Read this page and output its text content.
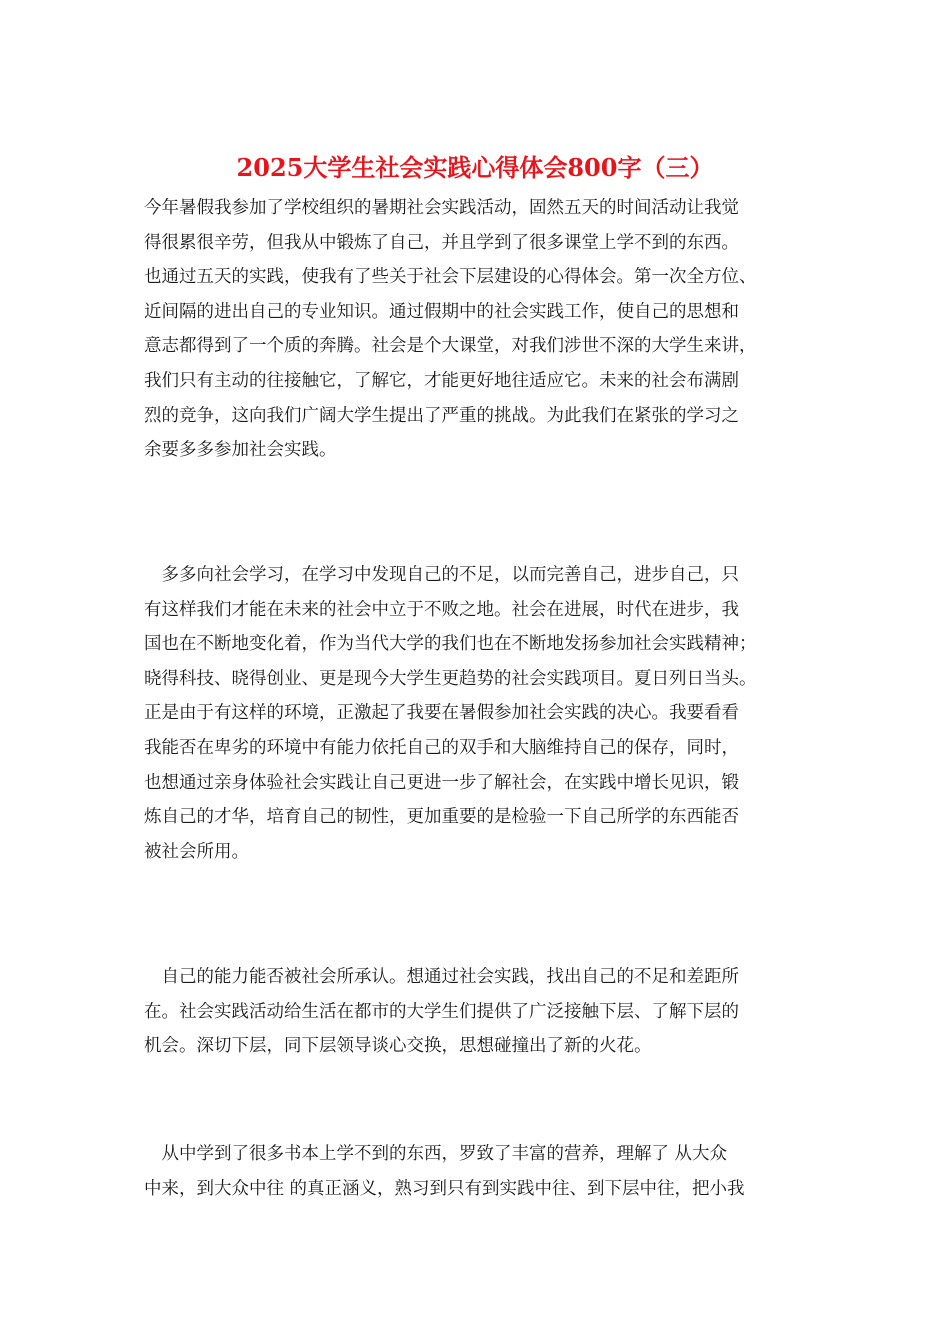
2025大学生社会实践心得体会800字（三）
今年暑假我参加了学校组织的暑期社会实践活动，固然五天的时间活动让我觉
得很累很辛劳，但我从中锻炼了自己，并且学到了很多课堂上学不到的东西。
也通过五天的实践，使我有了些关于社会下层建设的心得体会。第一次全方位、
近间隔的进出自己的专业知识。通过假期中的社会实践工作，使自己的思想和
意志都得到了一个质的奔腾。社会是个大课堂，对我们涉世不深的大学生来讲，
我们只有主动的往接触它，了解它，才能更好地往适应它。未来的社会布满剧
烈的竞争，这向我们广阔大学生提出了严重的挑战。为此我们在紧张的学习之
余要多多参加社会实践。
　多多向社会学习，在学习中发现自己的不足，以而完善自己，进步自己，只
有这样我们才能在未来的社会中立于不败之地。社会在进展，时代在进步，我
国也在不断地变化着，作为当代大学的我们也在不断地发扬参加社会实践精神；
晓得科技、晓得创业、更是现今大学生更趋势的社会实践项目。夏日列日当头。
正是由于有这样的环境，正激起了我要在暑假参加社会实践的决心。我要看看
我能否在卑劣的环境中有能力依托自己的双手和大脑维持自己的保存，同时，
也想通过亲身体验社会实践让自己更进一步了解社会，在实践中增长见识，锻
炼自己的才华，培育自己的韧性，更加重要的是检验一下自己所学的东西能否
被社会所用。
　自己的能力能否被社会所承认。想通过社会实践，找出自己的不足和差距所
在。社会实践活动给生活在都市的大学生们提供了广泛接触下层、了解下层的
机会。深切下层，同下层领导谈心交换，思想碰撞出了新的火花。
　从中学到了很多书本上学不到的东西，罗致了丰富的营养，理解了 从大众
中来，到大众中往 的真正涵义，熟习到只有到实践中往、到下层中往，把小我
